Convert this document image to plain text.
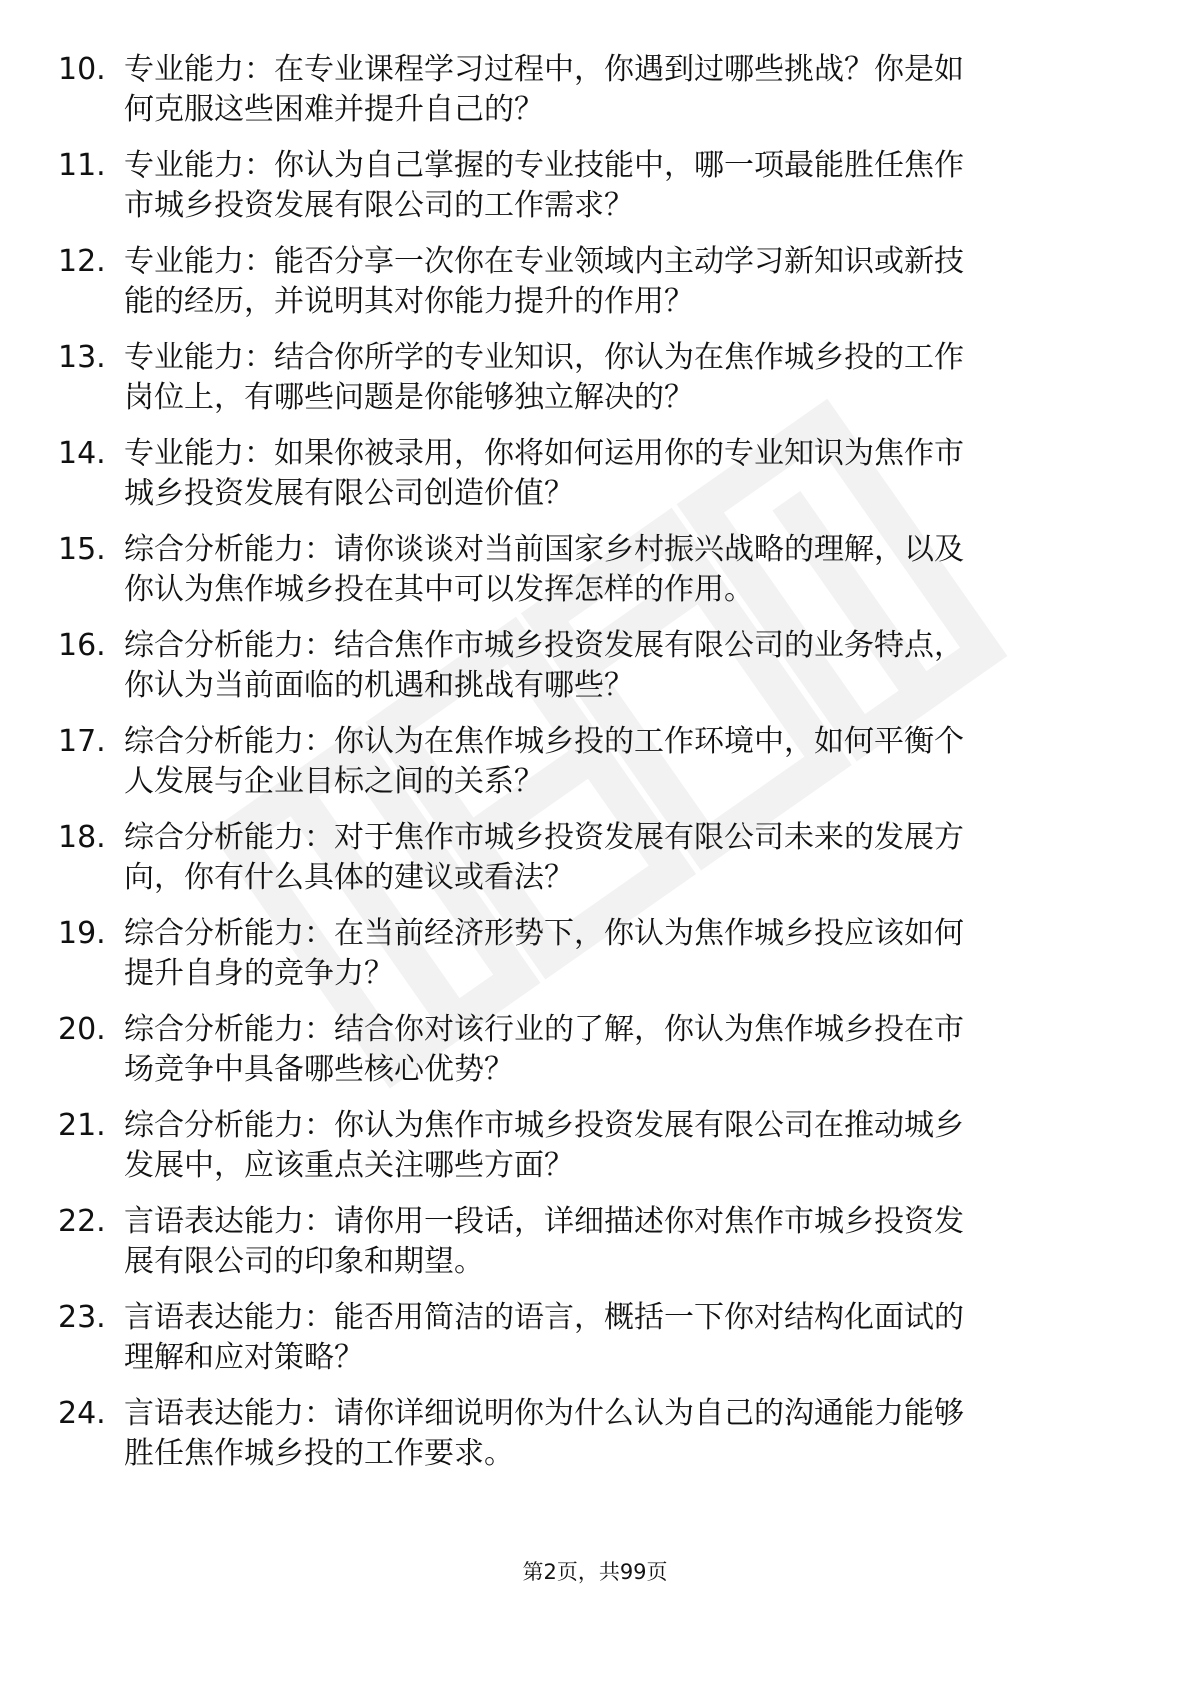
10. 专业能力：在专业课程学习过程中，你遇到过哪些挑战？你是如
何克服这些困难并提升自己的？
11. 专业能力：你认为自己掌握的专业技能中，哪一项最能胜任焦作
市城乡投资发展有限公司的工作需求？
12. 专业能力：能否分享一次你在专业领域内主动学习新知识或新技
能的经历，并说明其对你能力提升的作用？
13. 专业能力：结合你所学的专业知识，你认为在焦作城乡投的工作
岗位上，有哪些问题是你能够独立解决的？
14. 专业能力：如果你被录用，你将如何运用你的专业知识为焦作市
城乡投资发展有限公司创造价值？
15. 综合分析能力：请你谈谈对当前国家乡村振兴战略的理解，以及
你认为焦作城乡投在其中可以发挥怎样的作用。
16. 综合分析能力：结合焦作市城乡投资发展有限公司的业务特点，
你认为当前面临的机遇和挑战有哪些？
17. 综合分析能力：你认为在焦作城乡投的工作环境中，如何平衡个
人发展与企业目标之间的关系？
18. 综合分析能力：对于焦作市城乡投资发展有限公司未来的发展方
向，你有什么具体的建议或看法？
19. 综合分析能力：在当前经济形势下，你认为焦作城乡投应该如何
提升自身的竞争力？
20. 综合分析能力：结合你对该行业的了解，你认为焦作城乡投在市
场竞争中具备哪些核心优势？
21. 综合分析能力：你认为焦作市城乡投资发展有限公司在推动城乡
发展中，应该重点关注哪些方面？
22. 言语表达能力：请你用一段话，详细描述你对焦作市城乡投资发
展有限公司的印象和期望。
23. 言语表达能力：能否用简洁的语言，概括一下你对结构化面试的
理解和应对策略？
24. 言语表达能力：请你详细说明你为什么认为自己的沟通能力能够
胜任焦作城乡投的工作要求。
第2页，共99页
